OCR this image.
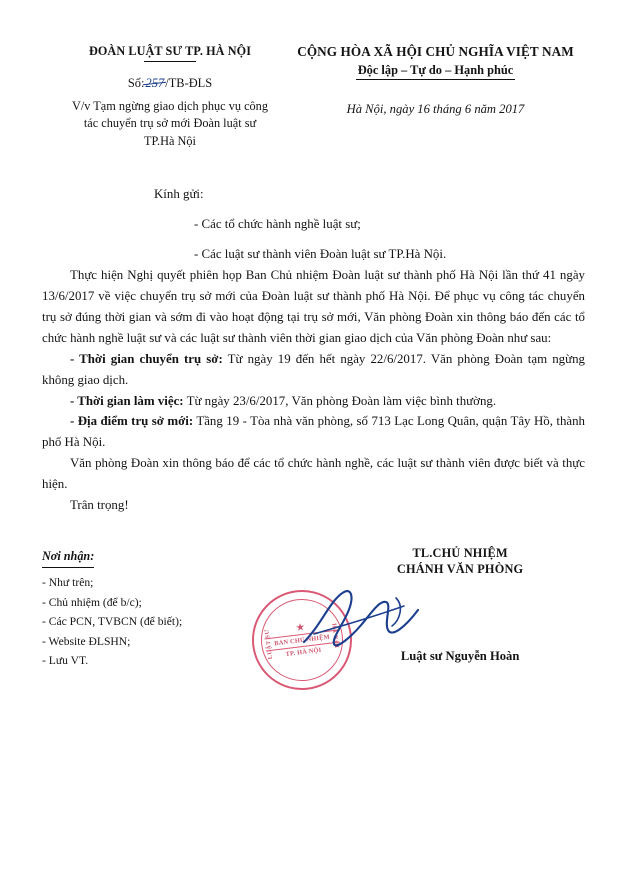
ĐOÀN LUẬT SƯ TP. HÀ NỘI
Số:257/TB-ĐLS
V/v Tạm ngừng giao dịch phục vụ công
tác chuyển trụ sở mới Đoàn luật sư
TP.Hà Nội
CỘNG HÒA XÃ HỘI CHỦ NGHĨA VIỆT NAM
Độc lập – Tự do – Hạnh phúc
Hà Nội, ngày 16 tháng 6 năm 2017
Kính gửi:
- Các tổ chức hành nghề luật sư;
- Các luật sư thành viên Đoàn luật sư TP.Hà Nội.

Thực hiện Nghị quyết phiên họp Ban Chủ nhiệm Đoàn luật sư thành phố Hà Nội lần thứ 41 ngày 13/6/2017 về việc chuyển trụ sở mới của Đoàn luật sư thành phố Hà Nội. Để phục vụ công tác chuyển trụ sở đúng thời gian và sớm đi vào hoạt động tại trụ sở mới, Văn phòng Đoàn xin thông báo đến các tổ chức hành nghề luật sư và các luật sư thành viên thời gian giao dịch của Văn phòng Đoàn như sau:

- Thời gian chuyển trụ sở: Từ ngày 19 đến hết ngày 22/6/2017. Văn phòng Đoàn tạm ngừng không giao dịch.

- Thời gian làm việc: Từ ngày 23/6/2017, Văn phòng Đoàn làm việc bình thường.

- Địa điểm trụ sở mới: Tầng 19 - Tòa nhà văn phòng, số 713 Lạc Long Quân, quận Tây Hồ, thành phố Hà Nội.

Văn phòng Đoàn xin thông báo để các tổ chức hành nghề, các luật sư thành viên được biết và thực hiện.

Trân trọng!

Nơi nhận:
- Như trên;
- Chủ nhiệm (để b/c);
- Các PCN, TVBCN (để biết);
- Website ĐLSHN;
- Lưu VT.
TL.CHỦ NHIỆM
CHÁNH VĂN PHÒNG
Luật sư Nguyễn Hoàn
LUẬT SƯ	HÀ NỘI
★
BAN CHỦ NHIỆM
TP. HÀ NỘI
